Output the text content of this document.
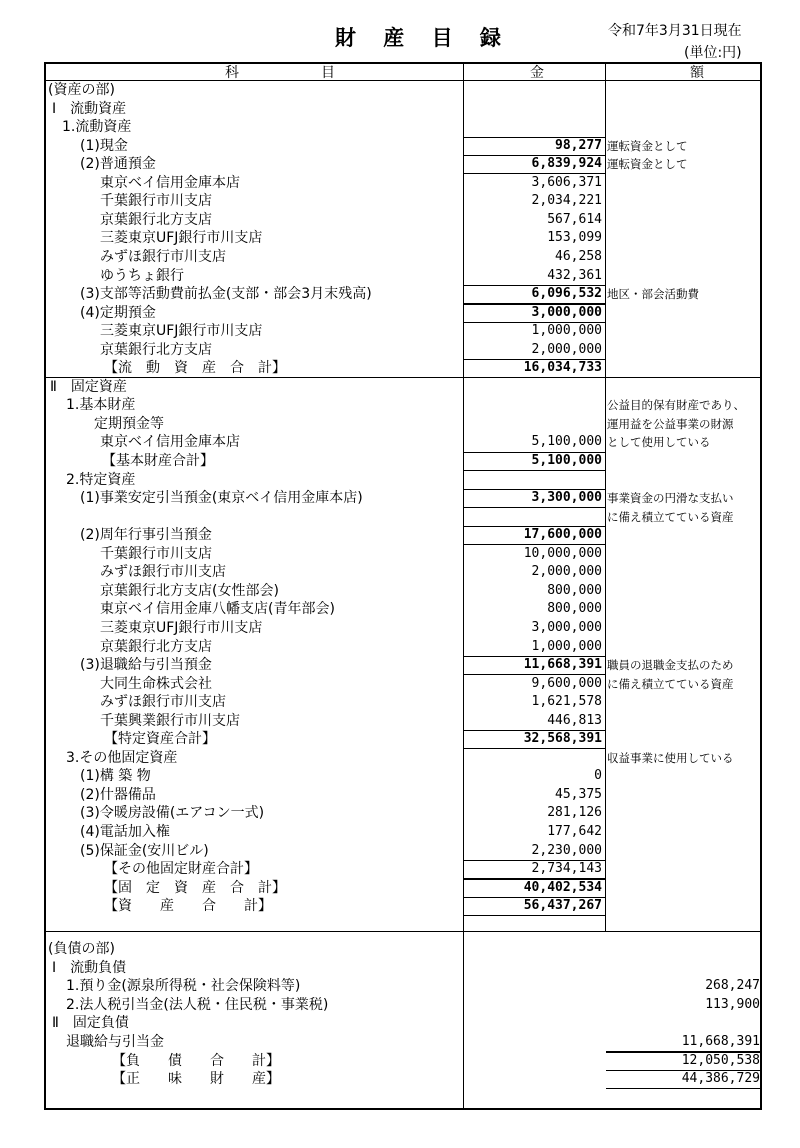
財 産 目 録	令和7年3月31日現在
(単位:円)
科　　目	金　　　　額
(資産の部)
Ⅰ　流動資産
1.流動資産
(1)現金	98,277 運転資金として
(2)普通預金	6,839,924 運転資金として
東京ベイ信用金庫本店	3,606,371
千葉銀行市川支店	2,034,221
京葉銀行北方支店	567,614
三菱東京UFJ銀行市川支店	153,099
みずほ銀行市川支店	46,258
ゆうちょ銀行	432,361
(3)支部等活動費前払金(支部・部会3月末残高)	6,096,532 地区・部会活動費
(4)定期預金	3,000,000
三菱東京UFJ銀行市川支店	1,000,000
京葉銀行北方支店	2,000,000
【流　動　資　産　合　計】	16,034,733
Ⅱ　固定資産
1.基本財産	公益目的保有財産であり、
定期預金等	運用益を公益事業の財源
東京ベイ信用金庫本店	5,100,000 として使用している
【基本財産合計】	5,100,000
2.特定資産
(1)事業安定引当預金(東京ベイ信用金庫本店)	3,300,000 事業資金の円滑な支払い
に備え積立てている資産
(2)周年行事引当預金	17,600,000
千葉銀行市川支店	10,000,000
みずほ銀行市川支店	2,000,000
京葉銀行北方支店(女性部会)	800,000
東京ベイ信用金庫八幡支店(青年部会)	800,000
三菱東京UFJ銀行市川支店	3,000,000
京葉銀行北方支店	1,000,000
(3)退職給与引当預金	11,668,391 職員の退職金支払のため
大同生命株式会社	9,600,000 に備え積立てている資産
みずほ銀行市川支店	1,621,578
千葉興業銀行市川支店	446,813
【特定資産合計】	32,568,391
3.その他固定資産	収益事業に使用している
(1)構 築 物	0
(2)什器備品	45,375
(3)令暖房設備(エアコン一式)	281,126
(4)電話加入権	177,642
(5)保証金(安川ビル)	2,230,000
【その他固定財産合計】	2,734,143
【固　定　資　産　合　計】	40,402,534
【資　　産　　合　　計】	56,437,267
(負債の部)
Ⅰ　流動負債
1.預り金(源泉所得税・社会保険料等)	268,247
2.法人税引当金(法人税・住民税・事業税)	113,900
Ⅱ　固定負債
退職給与引当金	11,668,391
【負　　債　　合　　計】	12,050,538
【正　　味　　財　　産】	44,386,729
